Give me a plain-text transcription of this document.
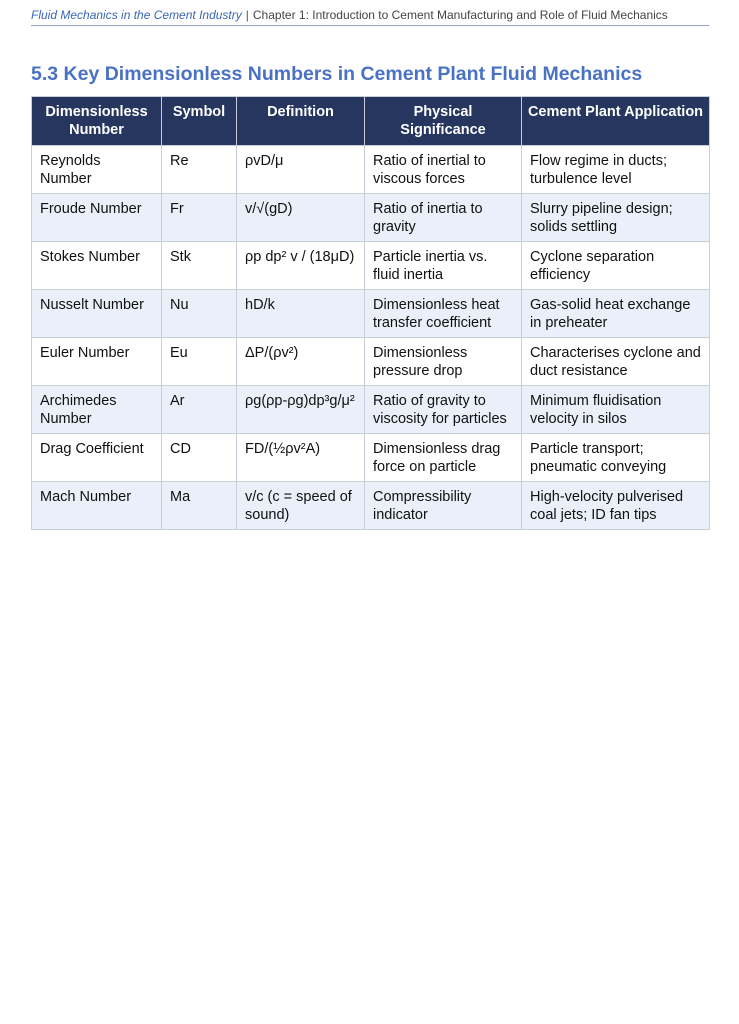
Fluid Mechanics in the Cement Industry | Chapter 1: Introduction to Cement Manufacturing and Role of Fluid Mechanics
5.3 Key Dimensionless Numbers in Cement Plant Fluid Mechanics
Dimensionless Number	Symbol	Definition	Physical Significance	Cement Plant Application
Reynolds Number	Re	ρvD/μ	Ratio of inertial to viscous forces	Flow regime in ducts; turbulence level
Froude Number	Fr	v/√(gD)	Ratio of inertia to gravity	Slurry pipeline design; solids settling
Stokes Number	Stk	ρp dp² v / (18μD)	Particle inertia vs. fluid inertia	Cyclone separation efficiency
Nusselt Number	Nu	hD/k	Dimensionless heat transfer coefficient	Gas-solid heat exchange in preheater
Euler Number	Eu	ΔP/(ρv²)	Dimensionless pressure drop	Characterises cyclone and duct resistance
Archimedes Number	Ar	ρg(ρp-ρg)dp³g/μ²	Ratio of gravity to viscosity for particles	Minimum fluidisation velocity in silos
Drag Coefficient	CD	FD/(½ρv²A)	Dimensionless drag force on particle	Particle transport; pneumatic conveying
Mach Number	Ma	v/c (c = speed of sound)	Compressibility indicator	High-velocity pulverised coal jets; ID fan tips
